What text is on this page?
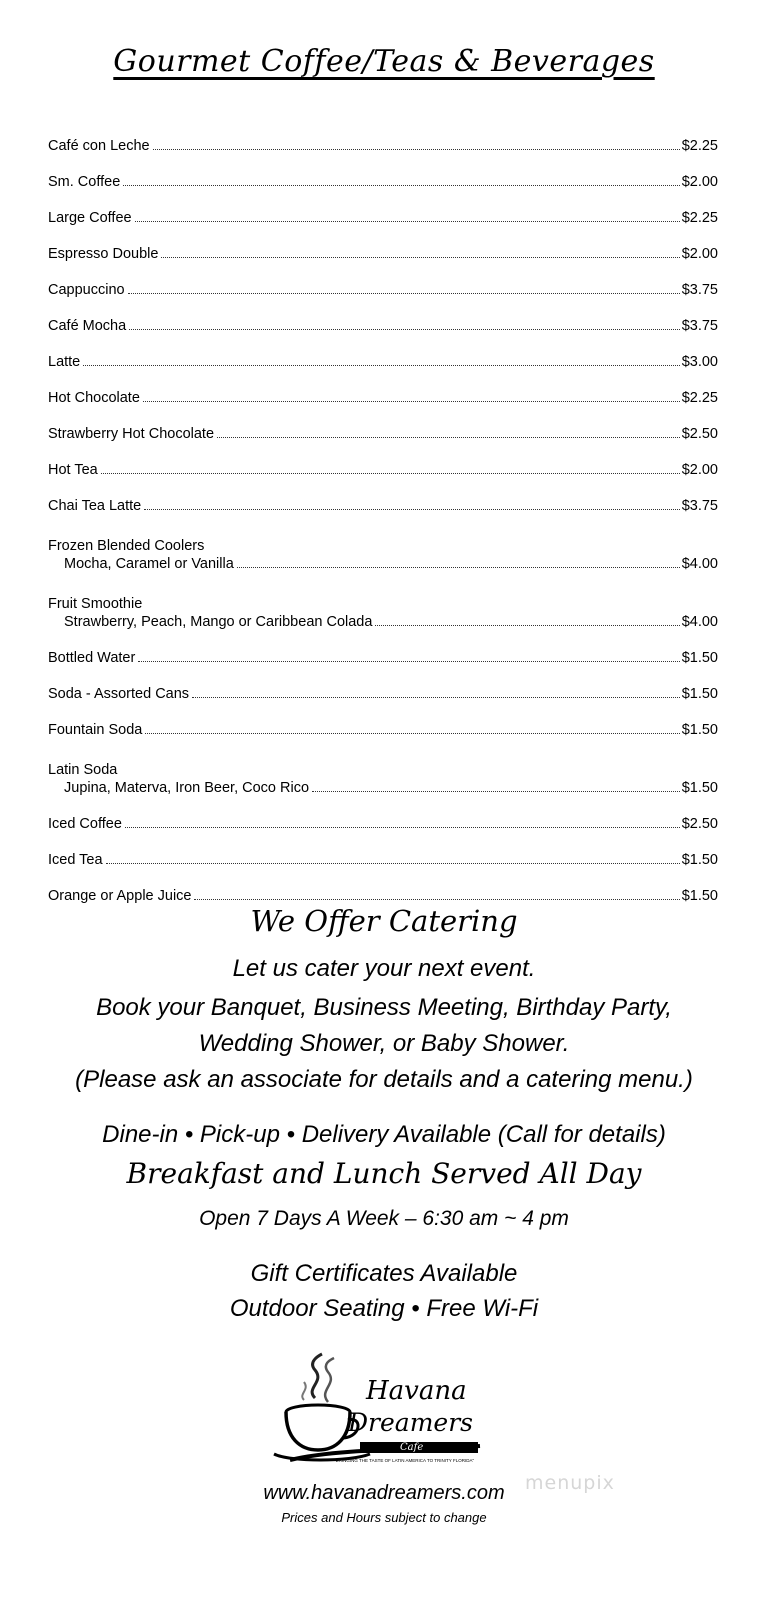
Gourmet Coffee/Teas & Beverages
Café con Leche	$2.25
Sm. Coffee	$2.00
Large Coffee	$2.25
Espresso Double	$2.00
Cappuccino	$3.75
Café Mocha	$3.75
Latte	$3.00
Hot Chocolate	$2.25
Strawberry Hot Chocolate	$2.50
Hot Tea	$2.00
Chai Tea Latte	$3.75
Frozen Blended Coolers
Mocha, Caramel or Vanilla	$4.00
Fruit Smoothie
Strawberry, Peach, Mango or Caribbean Colada	$4.00
Bottled Water	$1.50
Soda - Assorted Cans	$1.50
Fountain Soda	$1.50
Latin Soda
Jupina, Materva, Iron Beer, Coco Rico	$1.50
Iced Coffee	$2.50
Iced Tea	$1.50
Orange or Apple Juice	$1.50
We Offer Catering
Let us cater your next event.
Book your Banquet, Business Meeting, Birthday Party,
Wedding Shower, or Baby Shower.
(Please ask an associate for details and a catering menu.)
Dine-in • Pick-up • Delivery Available (Call for details)
Breakfast and Lunch Served All Day
Open 7 Days A Week – 6:30 am ~ 4 pm
Gift Certificates Available
Outdoor Seating • Free Wi-Fi
Havana
Dreamers
Cafe
"BRINGING THE TASTE OF LATIN AMERICA TO TRINITY FLORIDA"
www.havanadreamers.com
Prices and Hours subject to change
menupix
